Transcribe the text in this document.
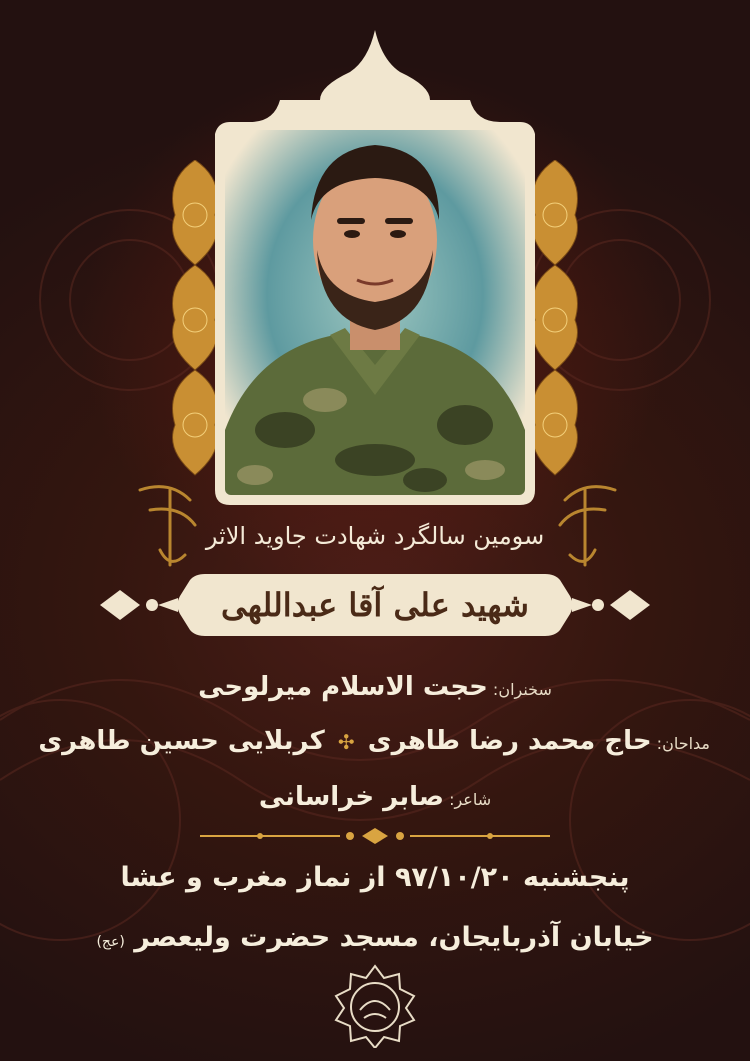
سومین سالگرد شهادت جاوید الاثر
شهید علی آقا عبداللهی
سخنران: حجت الاسلام میرلوحی
مداحان: حاج محمد رضا طاهری ✣ کربلایی حسین طاهری
شاعر: صابر خراسانی
پنجشنبه ۹۷/۱۰/۲۰ از نماز مغرب و عشا
خیابان آذربایجان، مسجد حضرت ولیعصر (عج)
